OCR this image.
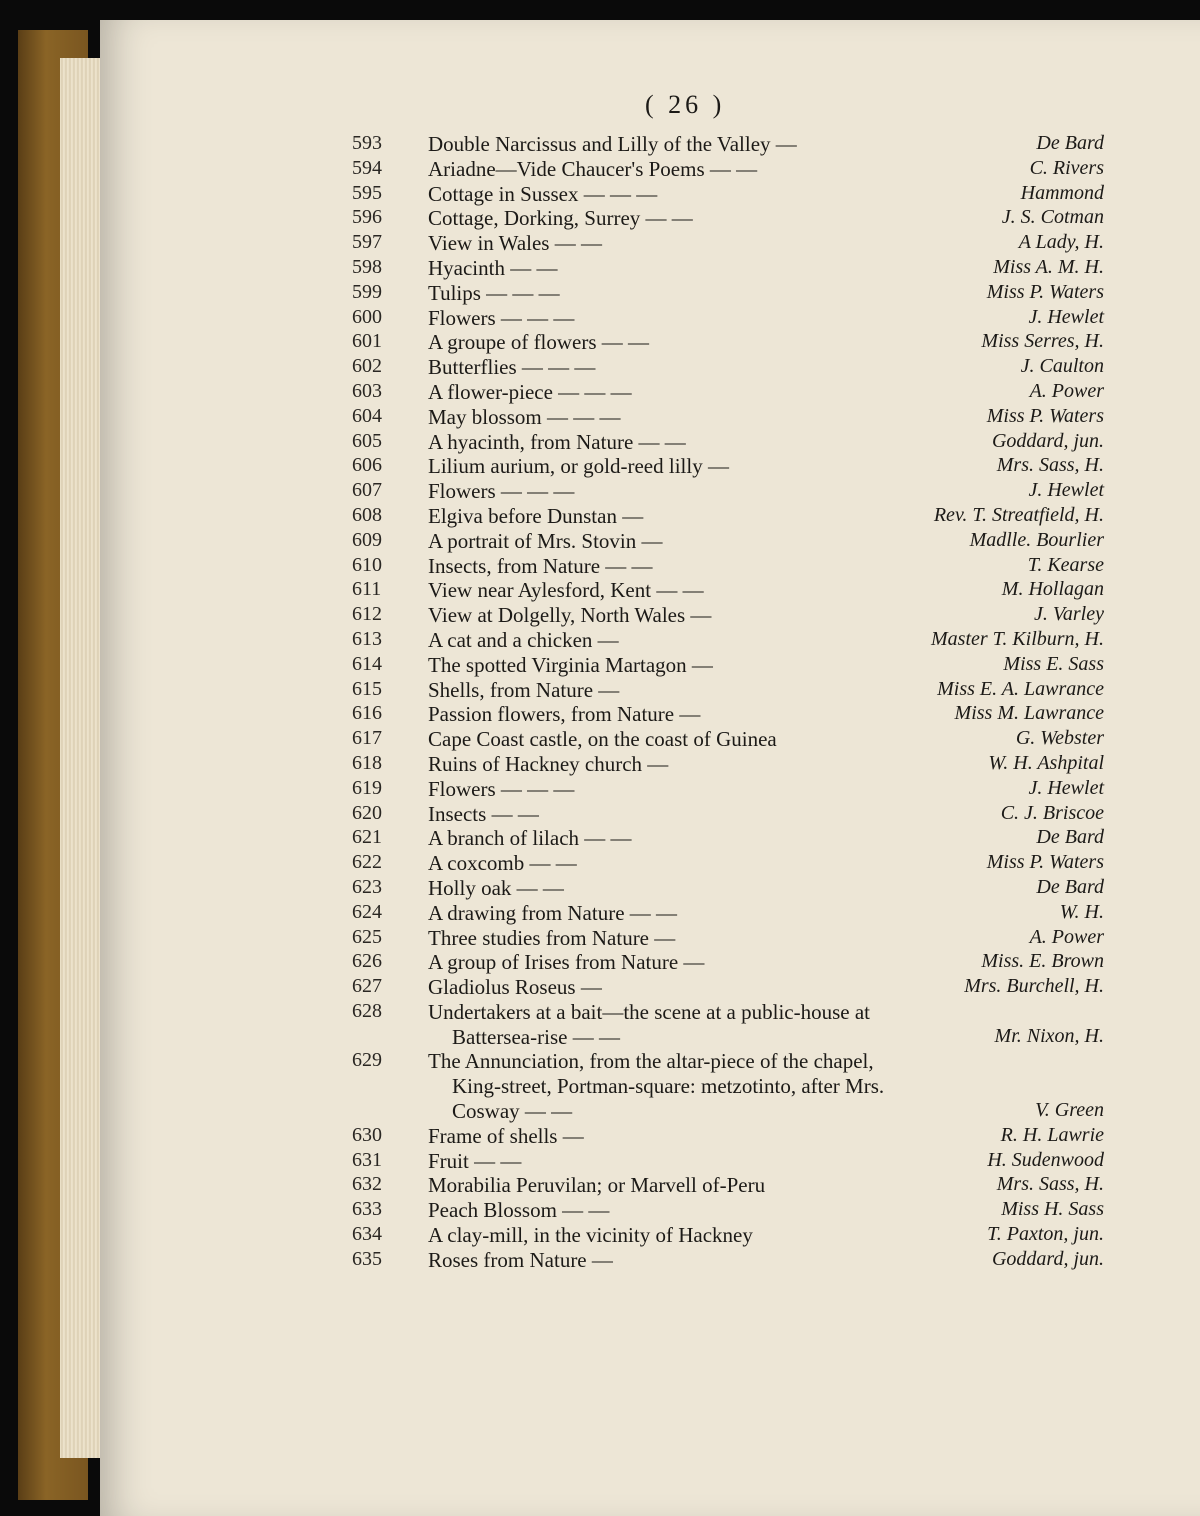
( 26 )
593	Double Narcissus and Lilly of the Valley —	De Bard
594	Ariadne—Vide Chaucer's Poems — —	C. Rivers
595	Cottage in Sussex — — —	Hammond
596	Cottage, Dorking, Surrey — —	J. S. Cotman
597	View in Wales — —	A Lady, H.
598	Hyacinth — —	Miss A. M. H.
599	Tulips — — —	Miss P. Waters
600	Flowers — — —	J. Hewlet
601	A groupe of flowers — —	Miss Serres, H.
602	Butterflies — — —	J. Caulton
603	A flower-piece — — —	A. Power
604	May blossom — — —	Miss P. Waters
605	A hyacinth, from Nature — —	Goddard, jun.
606	Lilium aurium, or gold-reed lilly —	Mrs. Sass, H.
607	Flowers — — —	J. Hewlet
608	Elgiva before Dunstan —	Rev. T. Streatfield, H.
609	A portrait of Mrs. Stovin —	Madlle. Bourlier
610	Insects, from Nature — —	T. Kearse
611	View near Aylesford, Kent — —	M. Hollagan
612	View at Dolgelly, North Wales —	J. Varley
613	A cat and a chicken —	Master T. Kilburn, H.
614	The spotted Virginia Martagon —	Miss E. Sass
615	Shells, from Nature —	Miss E. A. Lawrance
616	Passion flowers, from Nature —	Miss M. Lawrance
617	Cape Coast castle, on the coast of Guinea	G. Webster
618	Ruins of Hackney church —	W. H. Ashpital
619	Flowers — — —	J. Hewlet
620	Insects — —	C. J. Briscoe
621	A branch of lilach — —	De Bard
622	A coxcomb — —	Miss P. Waters
623	Holly oak — —	De Bard
624	A drawing from Nature — —	W. H.
625	Three studies from Nature —	A. Power
626	A group of Irises from Nature —	Miss. E. Brown
627	Gladiolus Roseus —	Mrs. Burchell, H.
628	Undertakers at a bait—the scene at a public-house at
Battersea-rise — —	Mr. Nixon, H.
629	The Annunciation, from the altar-piece of the chapel,
King-street, Portman-square: metzotinto, after Mrs.
Cosway — —	V. Green
630	Frame of shells —	R. H. Lawrie
631	Fruit — —	H. Sudenwood
632	Morabilia Peruvilan; or Marvell of-Peru	Mrs. Sass, H.
633	Peach Blossom — —	Miss H. Sass
634	A clay-mill, in the vicinity of Hackney	T. Paxton, jun.
635	Roses from Nature —	Goddard, jun.
